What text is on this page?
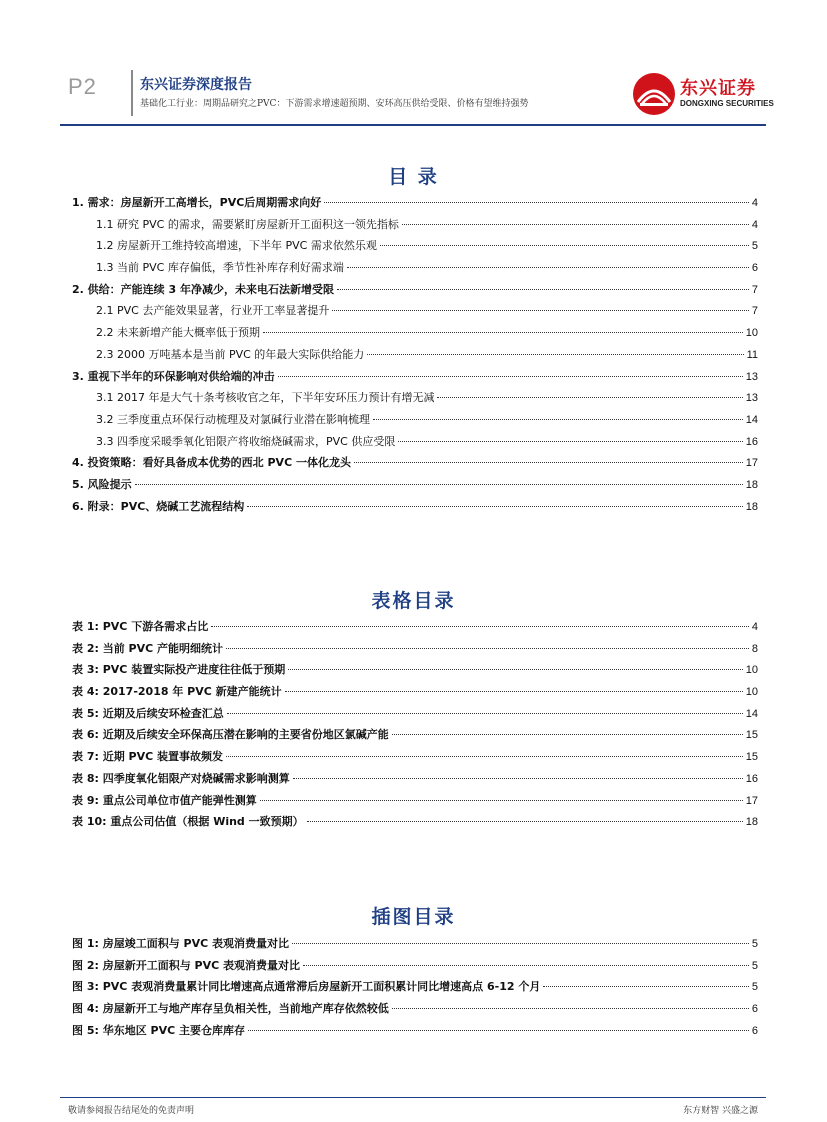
P2	东兴证券深度报告
基础化工行业：周期品研究之PVC：下游需求增速超预期、安环高压供给受限、价格有望维持强势
东兴证券
DONGXING SECURITIES
目 录
1. 需求：房屋新开工高增长，PVC后周期需求向好	4
1.1 研究 PVC 的需求，需要紧盯房屋新开工面积这一领先指标	4
1.2 房屋新开工维持较高增速，下半年 PVC 需求依然乐观	5
1.3 当前 PVC 库存偏低，季节性补库存利好需求端	6
2. 供给：产能连续 3 年净减少，未来电石法新增受限	7
2.1 PVC 去产能效果显著，行业开工率显著提升	7
2.2 未来新增产能大概率低于预期	10
2.3 2000 万吨基本是当前 PVC 的年最大实际供给能力	11
3. 重视下半年的环保影响对供给端的冲击	13
3.1 2017 年是大气十条考核收官之年，下半年安环压力预计有增无减	13
3.2 三季度重点环保行动梳理及对氯碱行业潜在影响梳理	14
3.3 四季度采暖季氧化铝限产将收缩烧碱需求，PVC 供应受限	16
4. 投资策略：看好具备成本优势的西北 PVC 一体化龙头	17
5. 风险提示	18
6. 附录：PVC、烧碱工艺流程结构	18
表格目录
表 1: PVC 下游各需求占比	4
表 2: 当前 PVC 产能明细统计	8
表 3: PVC 装置实际投产进度往往低于预期	10
表 4: 2017-2018 年 PVC 新建产能统计	10
表 5: 近期及后续安环检查汇总	14
表 6: 近期及后续安全环保高压潜在影响的主要省份地区氯碱产能	15
表 7: 近期 PVC 装置事故频发	15
表 8: 四季度氧化铝限产对烧碱需求影响测算	16
表 9: 重点公司单位市值产能弹性测算	17
表 10: 重点公司估值（根据 Wind 一致预期）	18
插图目录
图 1: 房屋竣工面积与 PVC 表观消费量对比	5
图 2: 房屋新开工面积与 PVC 表观消费量对比	5
图 3: PVC 表观消费量累计同比增速高点通常滞后房屋新开工面积累计同比增速高点 6-12 个月	5
图 4: 房屋新开工与地产库存呈负相关性，当前地产库存依然较低	6
图 5: 华东地区 PVC 主要仓库库存	6
敬请参阅报告结尾处的免责声明	东方财智 兴盛之源
